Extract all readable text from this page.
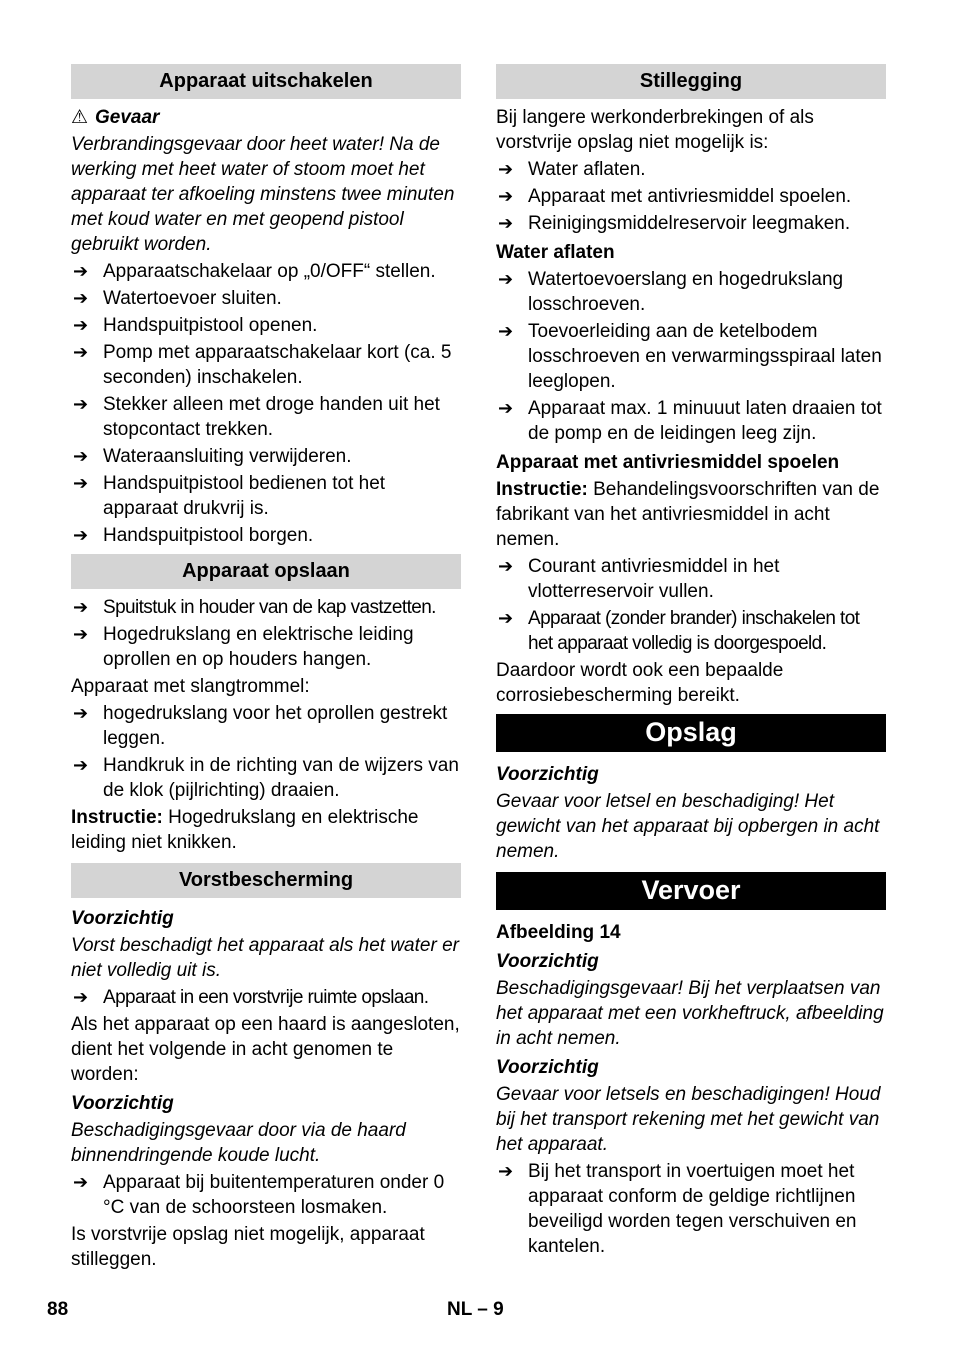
Apparaat uitschakelen

⚠ Gevaar

Verbrandingsgevaar door heet water! Na de werking met heet water of stoom moet het apparaat ter afkoeling minstens twee minuten met koud water en met geopend pistool gebruikt worden.

➔ Apparaatschakelaar op „0/OFF“ stellen.
➔ Watertoevoer sluiten.
➔ Handspuitpistool openen.
➔ Pomp met apparaatschakelaar kort (ca. 5 seconden) inschakelen.
➔ Stekker alleen met droge handen uit het stopcontact trekken.
➔ Wateraansluiting verwijderen.
➔ Handspuitpistool bedienen tot het apparaat drukvrij is.
➔ Handspuitpistool borgen.
Apparaat opslaan
➔ Spuitstuk in houder van de kap vastzetten.
➔ Hogedrukslang en elektrische leiding oprollen en op houders hangen.

Apparaat met slangtrommel:

➔ hogedrukslang voor het oprollen gestrekt leggen.
➔ Handkruk in de richting van de wijzers van de klok (pijlrichting) draaien.

Instructie: Hogedrukslang en elektrische leiding niet knikken.

Vorstbescherming

Voorzichtig

Vorst beschadigt het apparaat als het water er niet volledig uit is.

➔ Apparaat in een vorstvrije ruimte opslaan.

Als het apparaat op een haard is aangesloten, dient het volgende in acht genomen te worden:

Voorzichtig

Beschadigingsgevaar door via de haard binnendringende koude lucht.

➔ Apparaat bij buitentemperaturen onder 0 °C van de schoorsteen losmaken.

Is vorstvrije opslag niet mogelijk, apparaat stilleggen.

Stillegging

Bij langere werkonderbrekingen of als vorstvrije opslag niet mogelijk is:

➔ Water aflaten.
➔ Apparaat met antivriesmiddel spoelen.
➔ Reinigingsmiddelreservoir leegmaken.

Water aflaten

➔ Watertoevoerslang en hogedrukslang losschroeven.
➔ Toevoerleiding aan de ketelbodem losschroeven en verwarmingsspiraal laten leeglopen.
➔ Apparaat max. 1 minuuut laten draaien tot de pomp en de leidingen leeg zijn.

Apparaat met antivriesmiddel spoelen

Instructie: Behandelingsvoorschriften van de fabrikant van het antivriesmiddel in acht nemen.

➔ Courant antivriesmiddel in het vlotterreservoir vullen.
➔ Apparaat (zonder brander) inschakelen tot het apparaat volledig is doorgespoeld.

Daardoor wordt ook een bepaalde corrosiebescherming bereikt.

Opslag

Voorzichtig

Gevaar voor letsel en beschadiging! Het gewicht van het apparaat bij opbergen in acht nemen.

Vervoer

Afbeelding 14

Voorzichtig

Beschadigingsgevaar! Bij het verplaatsen van het apparaat met een vorkheftruck, afbeelding in acht nemen.

Voorzichtig

Gevaar voor letsels en beschadigingen! Houd bij het transport rekening met het gewicht van het apparaat.

➔ Bij het transport in voertuigen moet het apparaat conform de geldige richtlijnen beveiligd worden tegen verschuiven en kantelen.
88	NL – 9
